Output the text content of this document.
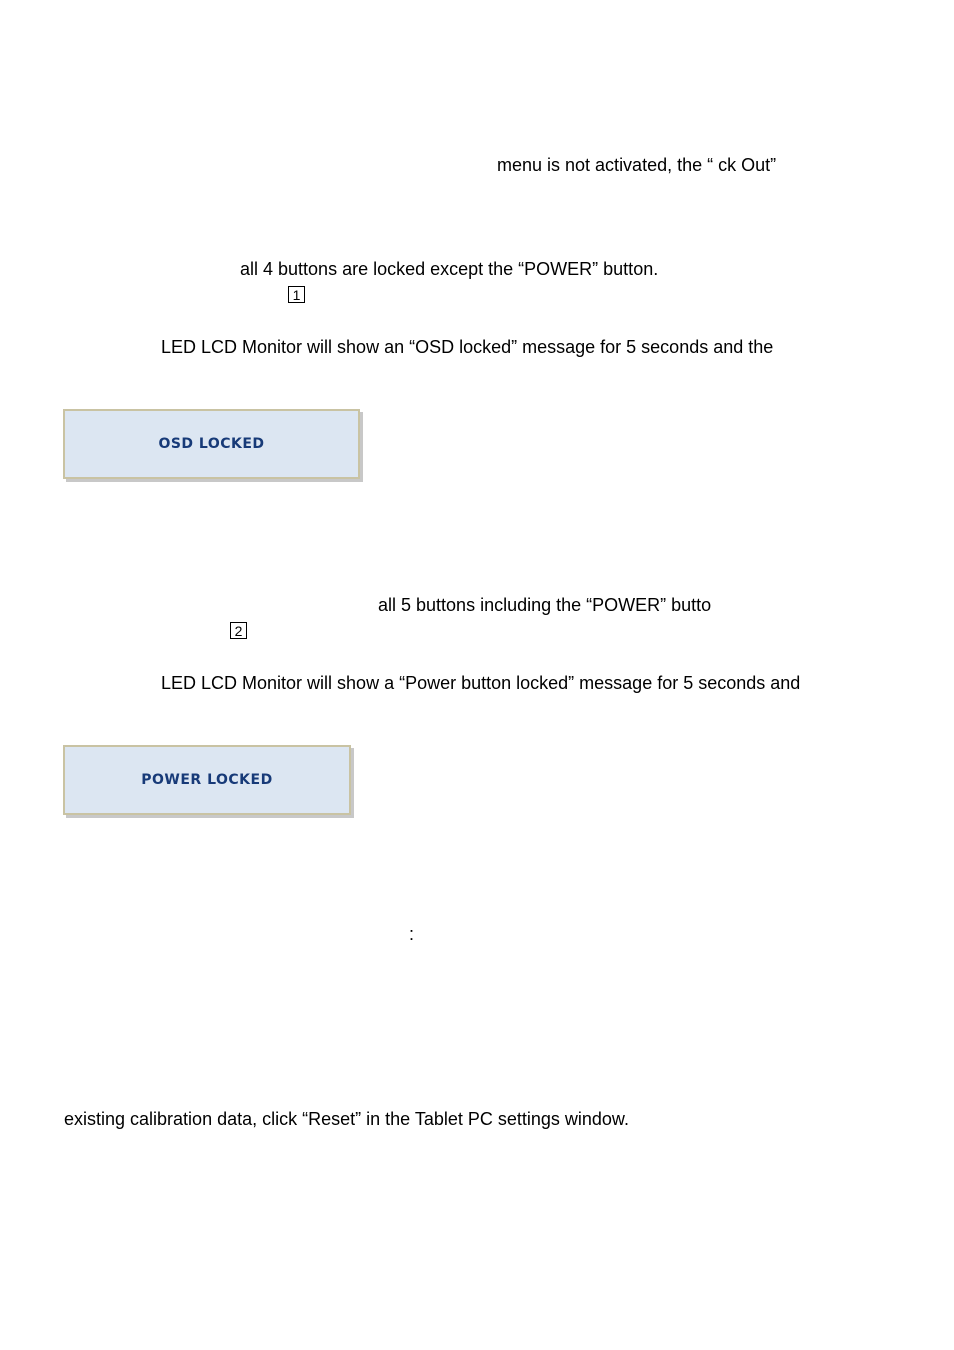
menu is not activated, the “ ck Out”
all 4 buttons are locked except the “POWER” button.
1
LED LCD Monitor will show an “OSD locked” message for 5 seconds and the
OSD LOCKED
all 5 buttons including the “POWER” butto
2
LED LCD Monitor will show a “Power button locked” message for 5 seconds and
POWER LOCKED
:
existing calibration data, click “Reset” in the Tablet PC settings window.
